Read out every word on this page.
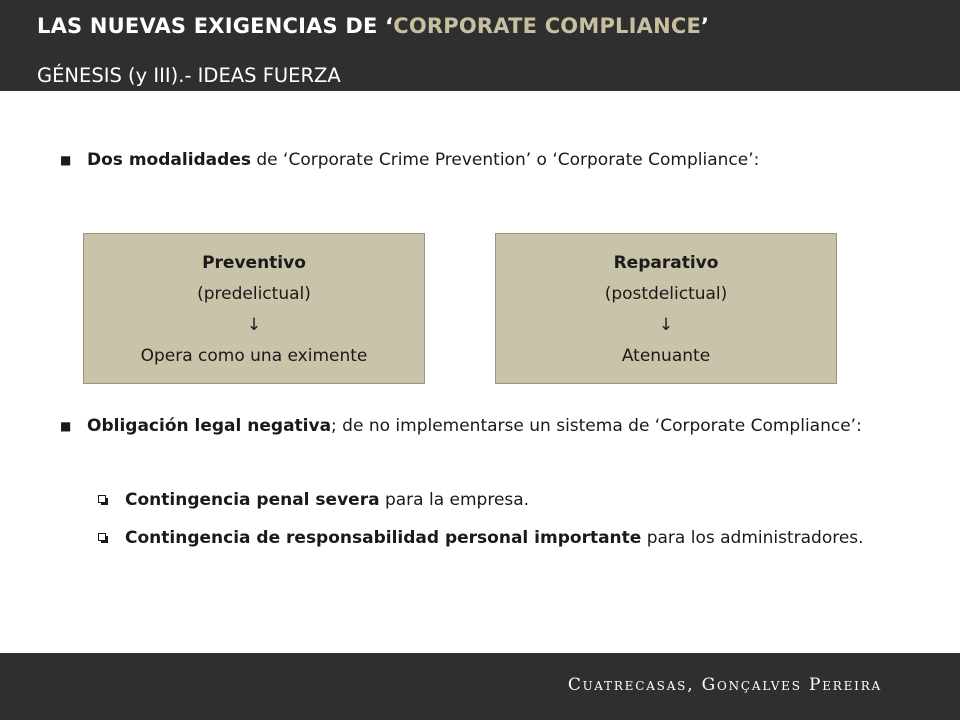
LAS NUEVAS EXIGENCIAS DE ‘CORPORATE COMPLIANCE’
GÉNESIS (y III).- IDEAS FUERZA
■ Dos modalidades de ‘Corporate Crime Prevention’ o ‘Corporate Compliance’:
Preventivo
(predelictual)
↓
Opera como una eximente
Reparativo
(postdelictual)
↓
Atenuante
■ Obligación legal negativa; de no implementarse un sistema de ‘Corporate Compliance’:
Contingencia penal severa para la empresa.
Contingencia de responsabilidad personal importante para los administradores.
Cuatrecasas, Gonçalves Pereira
